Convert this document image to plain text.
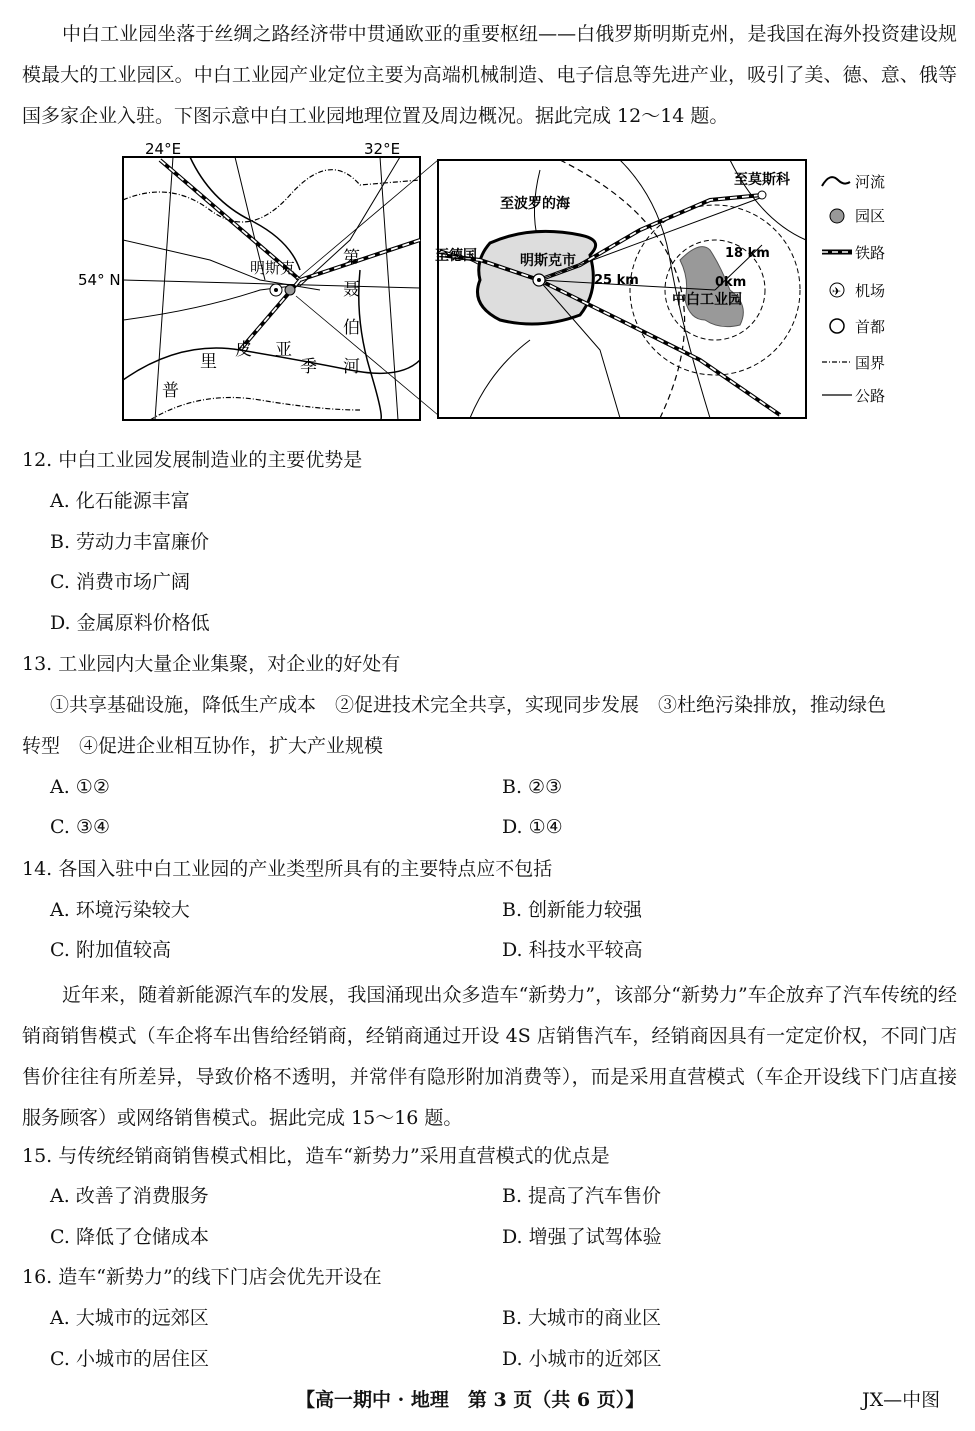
中白工业园坐落于丝绸之路经济带中贯通欧亚的重要枢纽——白俄罗斯明斯克州，是我国在海外投资建设规模最大的工业园区。中白工业园产业定位主要为高端机械制造、电子信息等先进产业，吸引了美、德、意、俄等国多家企业入驻。下图示意中白工业园地理位置及周边概况。据此完成 12～14 题。
24°E	32°E
54° N
明斯克	第
聂
伯
河
普
里
皮 亚
季
至波罗的海
至莫斯科
至德国	明斯克市
25 km
18 km
0km
中白工业园
河流
园区
铁路
✈ 机场
首都
国界
公路
12. 中白工业园发展制造业的主要优势是
A. 化石能源丰富
B. 劳动力丰富廉价
C. 消费市场广阔
D. 金属原料价格低
13. 工业园内大量企业集聚，对企业的好处有
①共享基础设施，降低生产成本　②促进技术完全共享，实现同步发展　③杜绝污染排放，推动绿色
转型　④促进企业相互协作，扩大产业规模
A. ①②	B. ②③
C. ③④	D. ①④
14. 各国入驻中白工业园的产业类型所具有的主要特点应不包括
A. 环境污染较大	B. 创新能力较强
C. 附加值较高	D. 科技水平较高
近年来，随着新能源汽车的发展，我国涌现出众多造车“新势力”，该部分“新势力”车企放弃了汽车传统的经销商销售模式（车企将车出售给经销商，经销商通过开设 4S 店销售汽车，经销商因具有一定定价权，不同门店售价往往有所差异，导致价格不透明，并常伴有隐形附加消费等），而是采用直营模式（车企开设线下门店直接服务顾客）或网络销售模式。据此完成 15～16 题。
15. 与传统经销商销售模式相比，造车“新势力”采用直营模式的优点是
A. 改善了消费服务	B. 提高了汽车售价
C. 降低了仓储成本	D. 增强了试驾体验
16. 造车“新势力”的线下门店会优先开设在
A. 大城市的远郊区	B. 大城市的商业区
C. 小城市的居住区	D. 小城市的近郊区
【高一期中 · 地理　第 3 页（共 6 页）】	JX—中图
